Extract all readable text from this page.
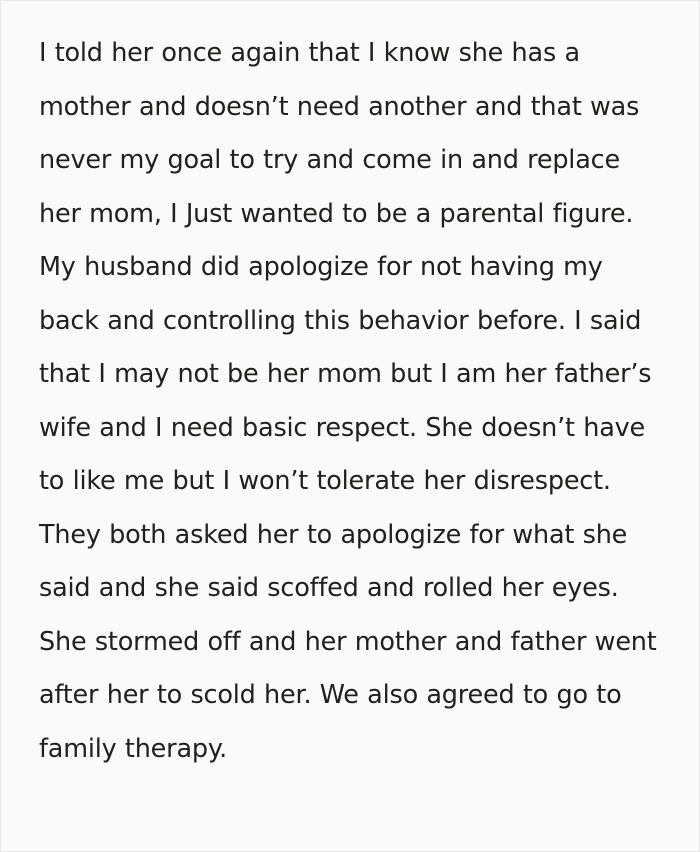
I told her once again that I know she has a mother and doesn’t need another and that was never my goal to try and come in and replace her mom, I Just wanted to be a parental figure. My husband did apologize for not having my back and controlling this behavior before. I said that I may not be her mom but I am her father’s wife and I need basic respect. She doesn’t have to like me but I won’t tolerate her disrespect. They both asked her to apologize for what she said and she said scoffed and rolled her eyes. She stormed off and her mother and father went after her to scold her. We also agreed to go to family therapy.
